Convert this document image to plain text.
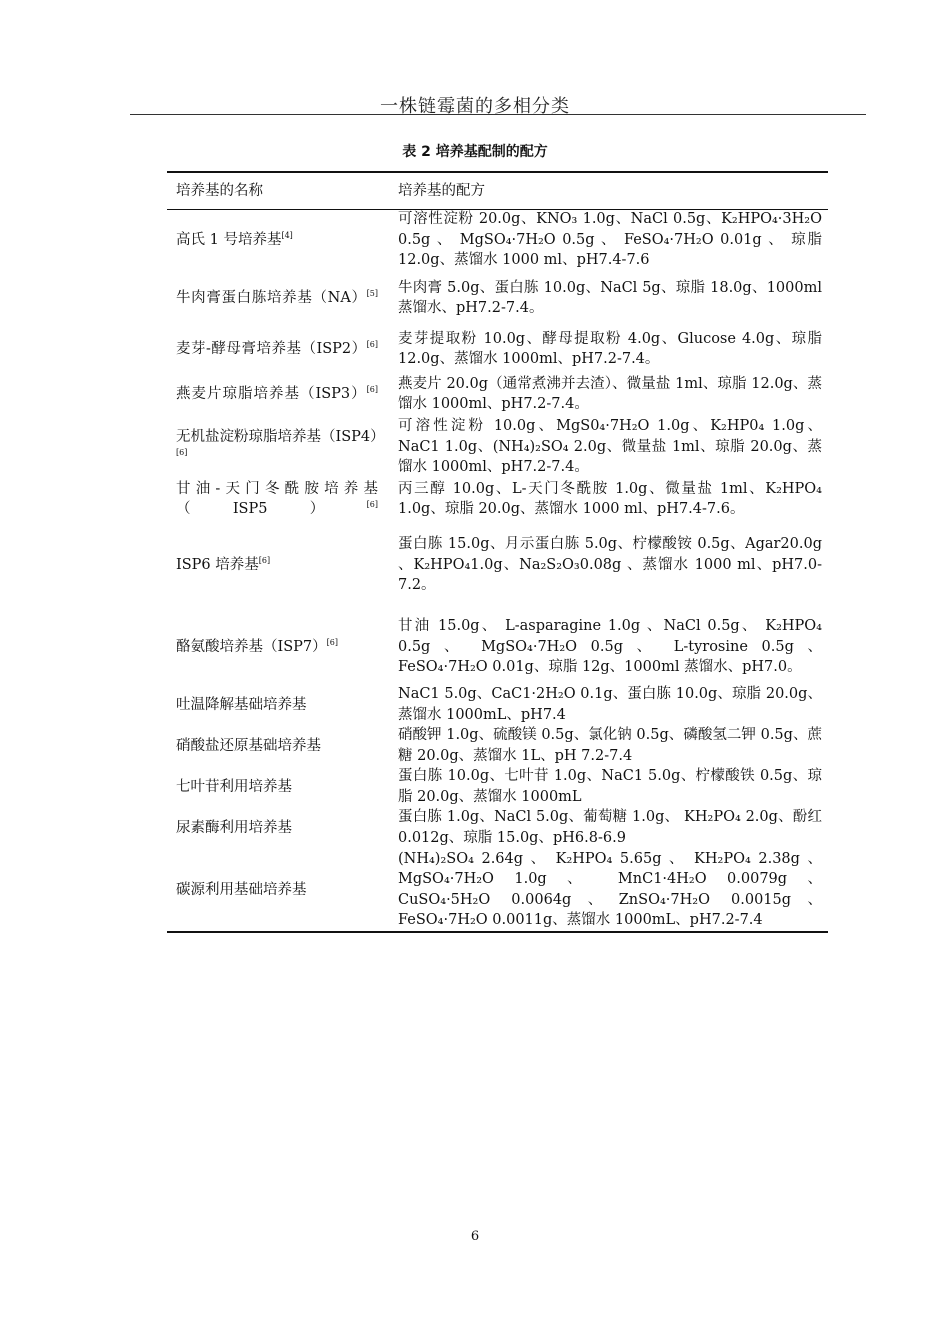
一株链霉菌的多相分类
表 2 培养基配制的配方
培养基的名称	培养基的配方
高氏 1 号培养基[4]
可溶性淀粉 20.0g、KNO₃ 1.0g、NaCl 0.5g、K₂HPO₄·3H₂O 0.5g 、 MgSO₄·7H₂O 0.5g 、 FeSO₄·7H₂O 0.01g 、 琼脂 12.0g、蒸馏水 1000 ml、pH7.4-7.6
牛肉膏蛋白胨培养基（NA）[5] 牛肉膏 5.0g、蛋白胨 10.0g、NaCl 5g、琼脂 18.0g、1000ml 蒸馏水、pH7.2-7.4。
麦芽-酵母膏培养基（ISP2）[6] 麦芽提取粉 10.0g、酵母提取粉 4.0g、Glucose 4.0g、琼脂 12.0g、蒸馏水 1000ml、pH7.2-7.4。
燕麦片琼脂培养基（ISP3）[6] 燕麦片 20.0g（通常煮沸并去渣）、微量盐 1ml、琼脂 12.0g、蒸馏水 1000ml、pH7.2-7.4。
无机盐淀粉琼脂培养基（ISP4）[6]
可溶性淀粉 10.0g、MgS0₄·7H₂O 1.0g、K₂HP0₄ 1.0g、NaC1 1.0g、(NH₄)₂SO₄ 2.0g、微量盐 1ml、琼脂 20.0g、蒸馏水 1000ml、pH7.2-7.4。
甘油-天门冬酰胺培养基（ISP5）[6]
丙三醇 10.0g、L-天门冬酰胺 1.0g、微量盐 1ml、K₂HPO₄ 1.0g、琼脂 20.0g、蒸馏水 1000 ml、pH7.4-7.6。
ISP6 培养基[6]
蛋白胨 15.0g、月示蛋白胨 5.0g、柠檬酸铵 0.5g、Agar20.0g 、K₂HPO₄1.0g、Na₂S₂O₃0.08g 、蒸馏水 1000 ml、pH7.0-7.2。
酪氨酸培养基（ISP7）[6]
甘油 15.0g、 L-asparagine 1.0g 、NaCl 0.5g、 K₂HPO₄ 0.5g 、 MgSO₄·7H₂O 0.5g 、 L-tyrosine 0.5g 、 FeSO₄·7H₂O 0.01g、琼脂 12g、1000ml 蒸馏水、pH7.0。
吐温降解基础培养基
NaC1 5.0g、CaC1·2H₂O 0.1g、蛋白胨 10.0g、琼脂 20.0g、蒸馏水 1000mL、pH7.4
硝酸盐还原基础培养基
硝酸钾 1.0g、硫酸镁 0.5g、氯化钠 0.5g、磷酸氢二钾 0.5g、蔗糖 20.0g、蒸馏水 1L、pH 7.2-7.4
七叶苷利用培养基
蛋白胨 10.0g、七叶苷 1.0g、NaC1 5.0g、柠檬酸铁 0.5g、琼脂 20.0g、蒸馏水 1000mL
尿素酶利用培养基
蛋白胨 1.0g、NaCl 5.0g、葡萄糖 1.0g、 KH₂PO₄ 2.0g、酚红 0.012g、琼脂 15.0g、pH6.8-6.9
碳源利用基础培养基
(NH₄)₂SO₄ 2.64g 、 K₂HPO₄ 5.65g 、 KH₂PO₄ 2.38g 、 MgSO₄·7H₂O 1.0g 、 MnC1·4H₂O 0.0079g 、 CuSO₄·5H₂O 0.0064g、ZnSO₄·7H₂O 0.0015g、FeSO₄·7H₂O 0.0011g、蒸馏水 1000mL、pH7.2-7.4
6
